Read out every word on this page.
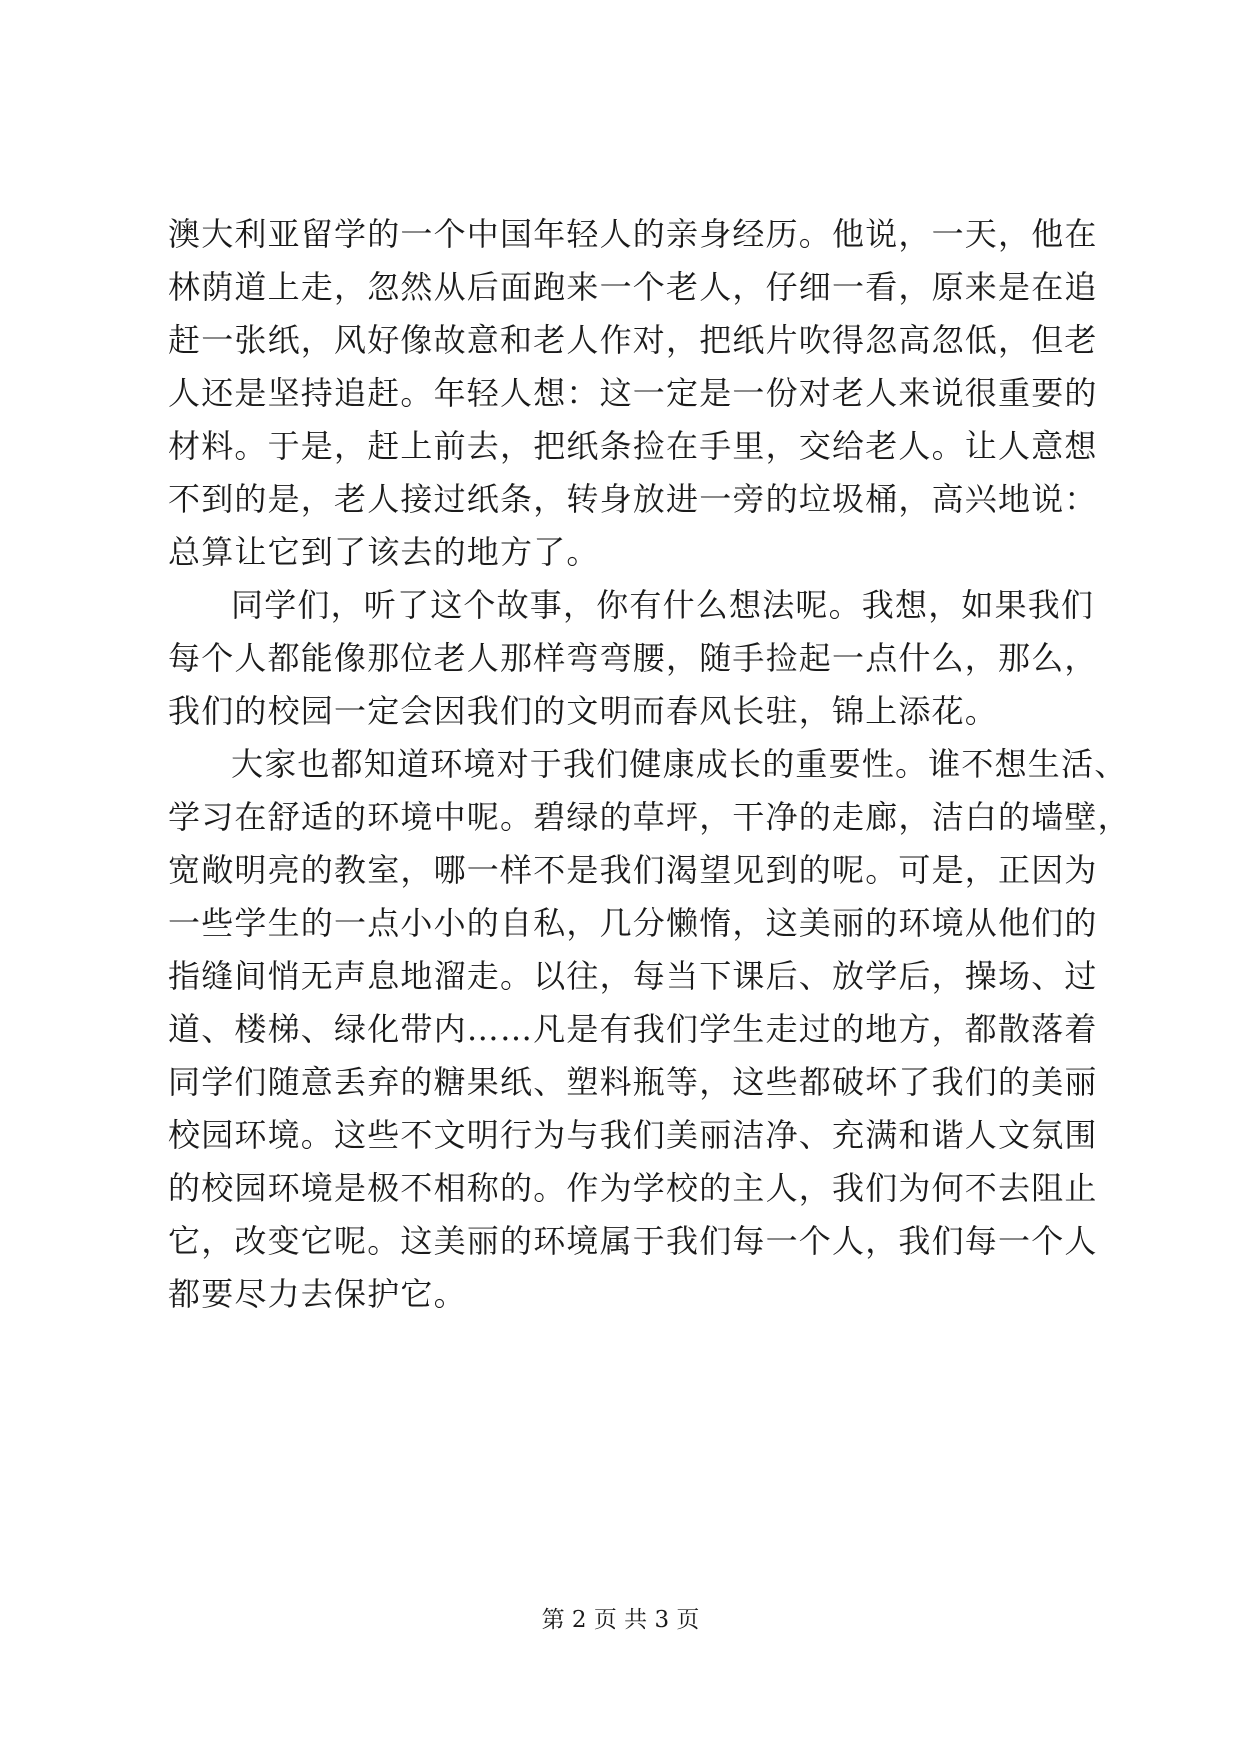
澳大利亚留学的一个中国年轻人的亲身经历。他说，一天，他在
林荫道上走，忽然从后面跑来一个老人，仔细一看，原来是在追
赶一张纸，风好像故意和老人作对，把纸片吹得忽高忽低，但老
人还是坚持追赶。年轻人想：这一定是一份对老人来说很重要的
材料。于是，赶上前去，把纸条捡在手里，交给老人。让人意想
不到的是，老人接过纸条，转身放进一旁的垃圾桶，高兴地说：
总算让它到了该去的地方了。
同学们，听了这个故事，你有什么想法呢。我想，如果我们
每个人都能像那位老人那样弯弯腰，随手捡起一点什么，那么，
我们的校园一定会因我们的文明而春风长驻，锦上添花。
大家也都知道环境对于我们健康成长的重要性。谁不想生活、
学习在舒适的环境中呢。碧绿的草坪，干净的走廊，洁白的墙壁，
宽敞明亮的教室，哪一样不是我们渴望见到的呢。可是，正因为
一些学生的一点小小的自私，几分懒惰，这美丽的环境从他们的
指缝间悄无声息地溜走。以往，每当下课后、放学后，操场、过
道、楼梯、绿化带内……凡是有我们学生走过的地方，都散落着
同学们随意丢弃的糖果纸、塑料瓶等，这些都破坏了我们的美丽
校园环境。这些不文明行为与我们美丽洁净、充满和谐人文氛围
的校园环境是极不相称的。作为学校的主人，我们为何不去阻止
它，改变它呢。这美丽的环境属于我们每一个人，我们每一个人
都要尽力去保护它。
第 2 页 共 3 页
